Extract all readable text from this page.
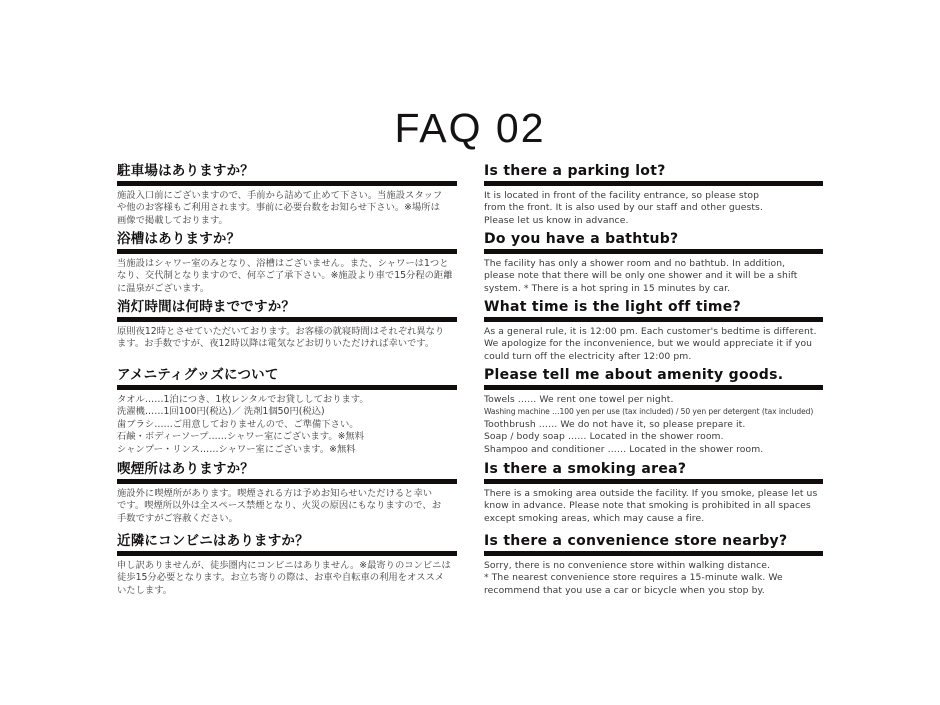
FAQ 02
駐車場はありますか？
施設入口前にございますので、手前から詰めて止めて下さい。当施設スタッフ
や他のお客様もご利用されます。事前に必要台数をお知らせ下さい。※場所は
画像で掲載しております。
浴槽はありますか？
当施設はシャワー室のみとなり、浴槽はございません。また、シャワーは1つと
なり、交代制となりますので、何卒ご了承下さい。※施設より車で15分程の距離
に温泉がございます。
消灯時間は何時までですか？
原則夜12時とさせていただいております。お客様の就寝時間はそれぞれ異なり
ます。お手数ですが、夜12時以降は電気などお切りいただければ幸いです。
アメニティグッズについて
タオル……1泊につき、1枚レンタルでお貸ししております。
洗濯機……1回100円(税込)／ 洗剤1個50円(税込)
歯ブラシ……ご用意しておりませんので、ご準備下さい。
石鹸・ボディーソープ……シャワー室にございます。※無料
シャンプー・リンス……シャワー室にございます。※無料
喫煙所はありますか？
施設外に喫煙所があります。喫煙される方は予めお知らせいただけると幸い
です。喫煙所以外は全スペース禁煙となり、火災の原因にもなりますので、お
手数ですがご容赦ください。
近隣にコンビニはありますか？
申し訳ありませんが、徒歩圏内にコンビニはありません。※最寄りのコンビニは
徒歩15分必要となります。お立ち寄りの際は、お車や自転車の利用をオススメ
いたします。
Is there a parking lot?
It is located in front of the facility entrance, so please stop
from the front. It is also used by our staff and other guests.
Please let us know in advance.
Do you have a bathtub?
The facility has only a shower room and no bathtub. In addition,
please note that there will be only one shower and it will be a shift
system. * There is a hot spring in 15 minutes by car.
What time is the light off time?
As a general rule, it is 12:00 pm. Each customer's bedtime is different.
We apologize for the inconvenience, but we would appreciate it if you
could turn off the electricity after 12:00 pm.
Please tell me about amenity goods.
Towels …… We rent one towel per night.
Washing machine …100 yen per use (tax included) / 50 yen per detergent (tax included)
Toothbrush …… We do not have it, so please prepare it.
Soap / body soap …… Located in the shower room.
Shampoo and conditioner …… Located in the shower room.
Is there a smoking area?
There is a smoking area outside the facility. If you smoke, please let us
know in advance. Please note that smoking is prohibited in all spaces
except smoking areas, which may cause a fire.
Is there a convenience store nearby?
Sorry, there is no convenience store within walking distance.
* The nearest convenience store requires a 15-minute walk. We
recommend that you use a car or bicycle when you stop by.
